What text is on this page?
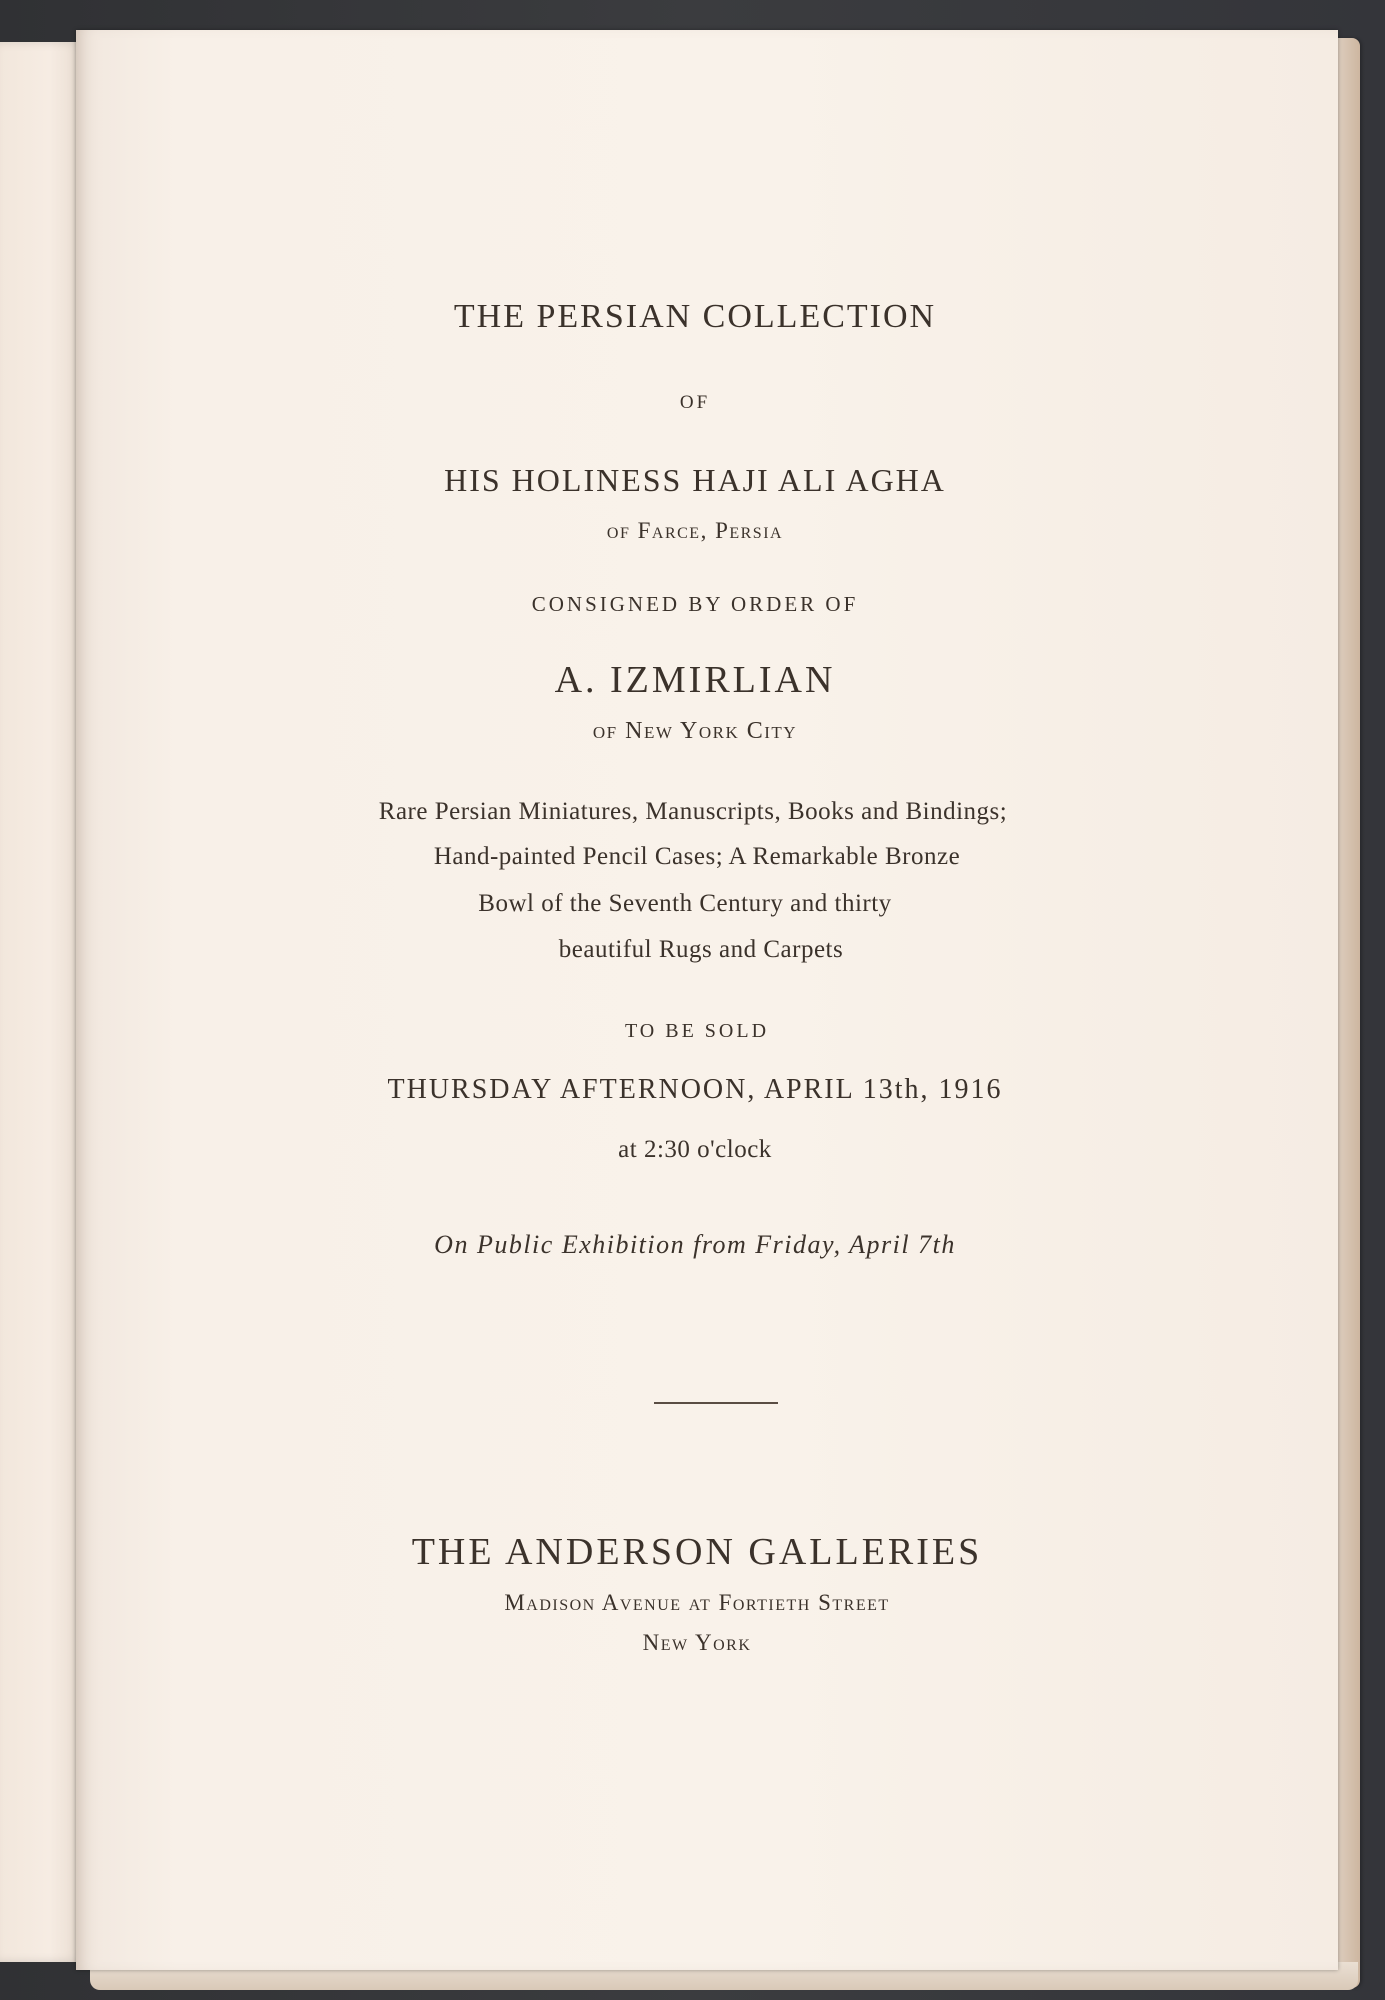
THE PERSIAN COLLECTION
OF
HIS HOLINESS HAJI ALI AGHA
of Farce, Persia
CONSIGNED BY ORDER OF
A. IZMIRLIAN
of New York City
Rare Persian Miniatures, Manuscripts, Books and Bindings;
Hand-painted Pencil Cases; A Remarkable Bronze
Bowl of the Seventh Century and thirty
beautiful Rugs and Carpets
TO BE SOLD
THURSDAY AFTERNOON, APRIL 13th, 1916
at 2:30 o'clock
On Public Exhibition from Friday, April 7th
THE ANDERSON GALLERIES
Madison Avenue at Fortieth Street
New York
